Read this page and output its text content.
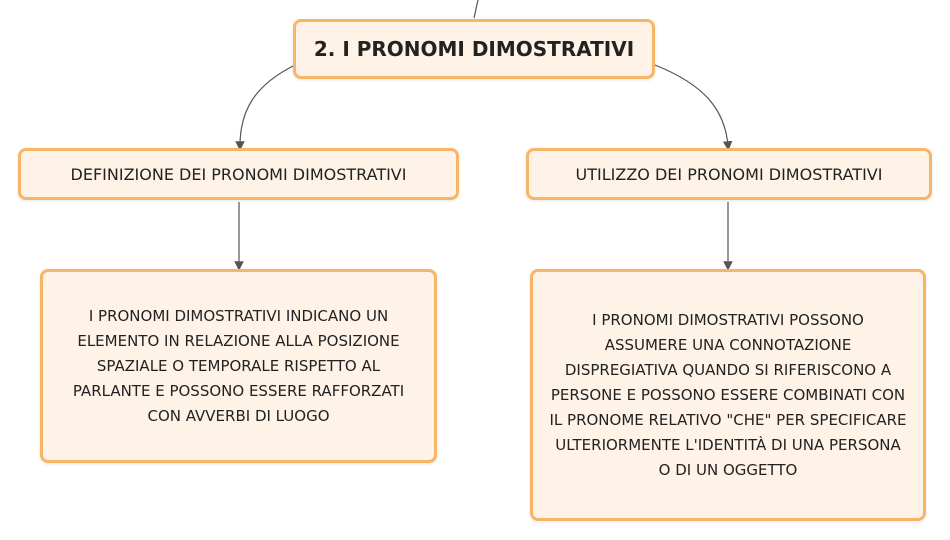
2. I PRONOMI DIMOSTRATIVI
DEFINIZIONE DEI PRONOMI DIMOSTRATIVI	UTILIZZO DEI PRONOMI DIMOSTRATIVI
I PRONOMI DIMOSTRATIVI INDICANO UN ELEMENTO IN RELAZIONE ALLA POSIZIONE SPAZIALE O TEMPORALE RISPETTO AL PARLANTE E POSSONO ESSERE RAFFORZATI CON AVVERBI DI LUOGO
I PRONOMI DIMOSTRATIVI POSSONO ASSUMERE UNA CONNOTAZIONE DISPREGIATIVA QUANDO SI RIFERISCONO A PERSONE E POSSONO ESSERE COMBINATI CON IL PRONOME RELATIVO "CHE" PER SPECIFICARE ULTERIORMENTE L'IDENTITÀ DI UNA PERSONA O DI UN OGGETTO
